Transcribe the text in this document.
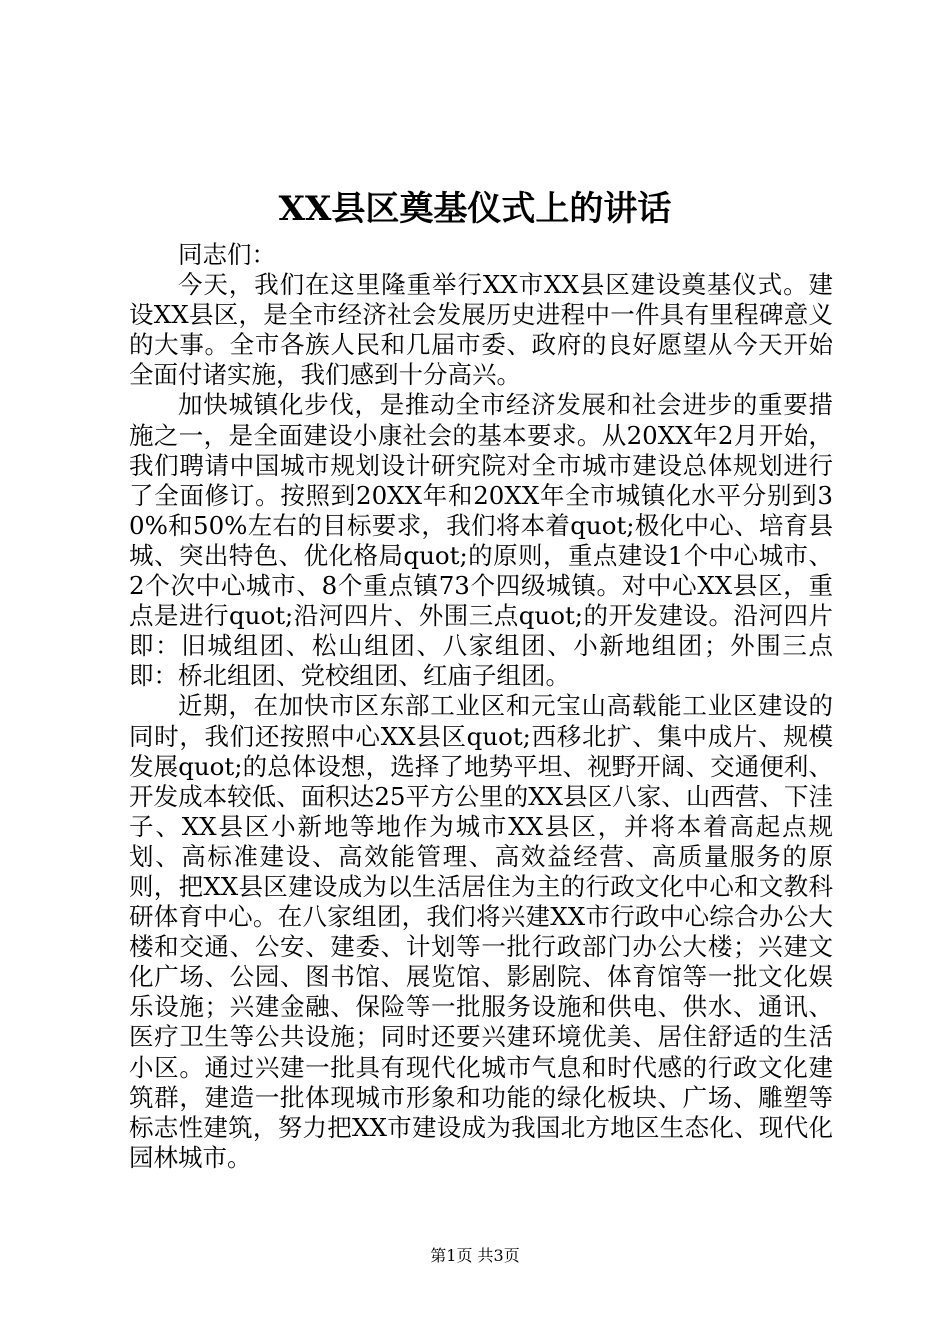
XX县区奠基仪式上的讲话

同志们：

今天，我们在这里隆重举行XX市XX县区建设奠基仪式。建设XX县区，是全市经济社会发展历史进程中一件具有里程碑意义的大事。全市各族人民和几届市委、政府的良好愿望从今天开始全面付诸实施，我们感到十分高兴。

加快城镇化步伐，是推动全市经济发展和社会进步的重要措施之一，是全面建设小康社会的基本要求。从20XX年2月开始，我们聘请中国城市规划设计研究院对全市城市建设总体规划进行了全面修订。按照到20XX年和20XX年全市城镇化水平分别到30%和50%左右的目标要求，我们将本着quot;极化中心、培育县城、突出特色、优化格局quot;的原则，重点建设1个中心城市、2个次中心城市、8个重点镇73个四级城镇。对中心XX县区，重点是进行quot;沿河四片、外围三点quot;的开发建设。沿河四片即：旧城组团、松山组团、八家组团、小新地组团；外围三点即：桥北组团、党校组团、红庙子组团。

近期，在加快市区东部工业区和元宝山高载能工业区建设的同时，我们还按照中心XX县区quot;西移北扩、集中成片、规模发展quot;的总体设想，选择了地势平坦、视野开阔、交通便利、开发成本较低、面积达25平方公里的XX县区八家、山西营、下洼子、XX县区小新地等地作为城市XX县区，并将本着高起点规划、高标准建设、高效能管理、高效益经营、高质量服务的原则，把XX县区建设成为以生活居住为主的行政文化中心和文教科研体育中心。在八家组团，我们将兴建XX市行政中心综合办公大楼和交通、公安、建委、计划等一批行政部门办公大楼；兴建文化广场、公园、图书馆、展览馆、影剧院、体育馆等一批文化娱乐设施；兴建金融、保险等一批服务设施和供电、供水、通讯、医疗卫生等公共设施；同时还要兴建环境优美、居住舒适的生活小区。通过兴建一批具有现代化城市气息和时代感的行政文化建筑群，建造一批体现城市形象和功能的绿化板块、广场、雕塑等标志性建筑，努力把XX市建设成为我国北方地区生态化、现代化园林城市。

第1页 共3页
